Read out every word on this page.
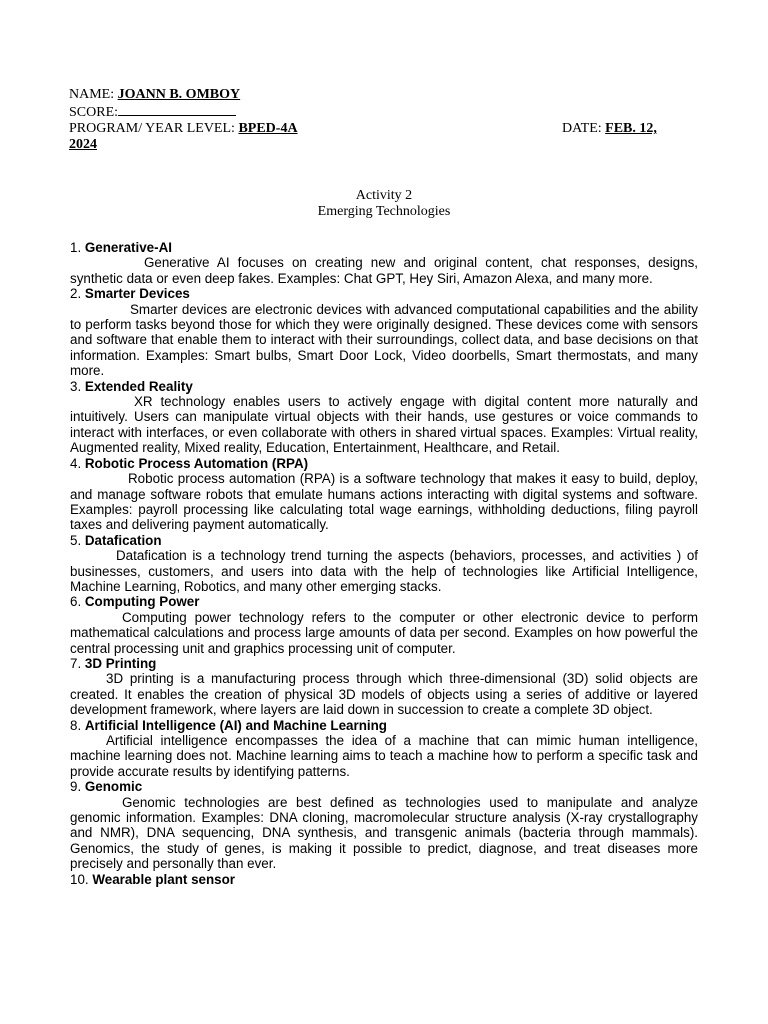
NAME: JOANN B. OMBOY
SCORE:
PROGRAM/ YEAR LEVEL: BPED-4A	DATE: FEB. 12,
2024
Activity 2
Emerging Technologies

1. Generative-AI

Generative AI focuses on creating new and original content, chat responses, designs, synthetic data or even deep fakes. Examples: Chat GPT, Hey Siri, Amazon Alexa, and many more.

2. Smarter Devices

Smarter devices are electronic devices with advanced computational capabilities and the ability to perform tasks beyond those for which they were originally designed. These devices come with sensors and software that enable them to interact with their surroundings, collect data, and base decisions on that information. Examples: Smart bulbs, Smart Door Lock, Video doorbells, Smart thermostats, and many more.

3. Extended Reality

XR technology enables users to actively engage with digital content more naturally and intuitively. Users can manipulate virtual objects with their hands, use gestures or voice commands to interact with interfaces, or even collaborate with others in shared virtual spaces. Examples: Virtual reality, Augmented reality, Mixed reality, Education, Entertainment, Healthcare, and Retail.

4. Robotic Process Automation (RPA)

Robotic process automation (RPA) is a software technology that makes it easy to build, deploy, and manage software robots that emulate humans actions interacting with digital systems and software. Examples: payroll processing like calculating total wage earnings, withholding deductions, filing payroll taxes and delivering payment automatically.

5. Datafication

Datafication is a technology trend turning the aspects (behaviors, processes, and activities ) of businesses, customers, and users into data with the help of technologies like Artificial Intelligence, Machine Learning, Robotics, and many other emerging stacks.

6. Computing Power

Computing power technology refers to the computer or other electronic device to perform mathematical calculations and process large amounts of data per second. Examples on how powerful the central processing unit and graphics processing unit of computer.

7. 3D Printing

3D printing is a manufacturing process through which three-dimensional (3D) solid objects are created. It enables the creation of physical 3D models of objects using a series of additive or layered development framework, where layers are laid down in succession to create a complete 3D object.

8. Artificial Intelligence (AI) and Machine Learning

Artificial intelligence encompasses the idea of a machine that can mimic human intelligence, machine learning does not. Machine learning aims to teach a machine how to perform a specific task and provide accurate results by identifying patterns.

9. Genomic

Genomic technologies are best defined as technologies used to manipulate and analyze genomic information. Examples: DNA cloning, macromolecular structure analysis (X-ray crystallography and NMR), DNA sequencing, DNA synthesis, and transgenic animals (bacteria through mammals). Genomics, the study of genes, is making it possible to predict, diagnose, and treat diseases more precisely and personally than ever.

10. Wearable plant sensor
